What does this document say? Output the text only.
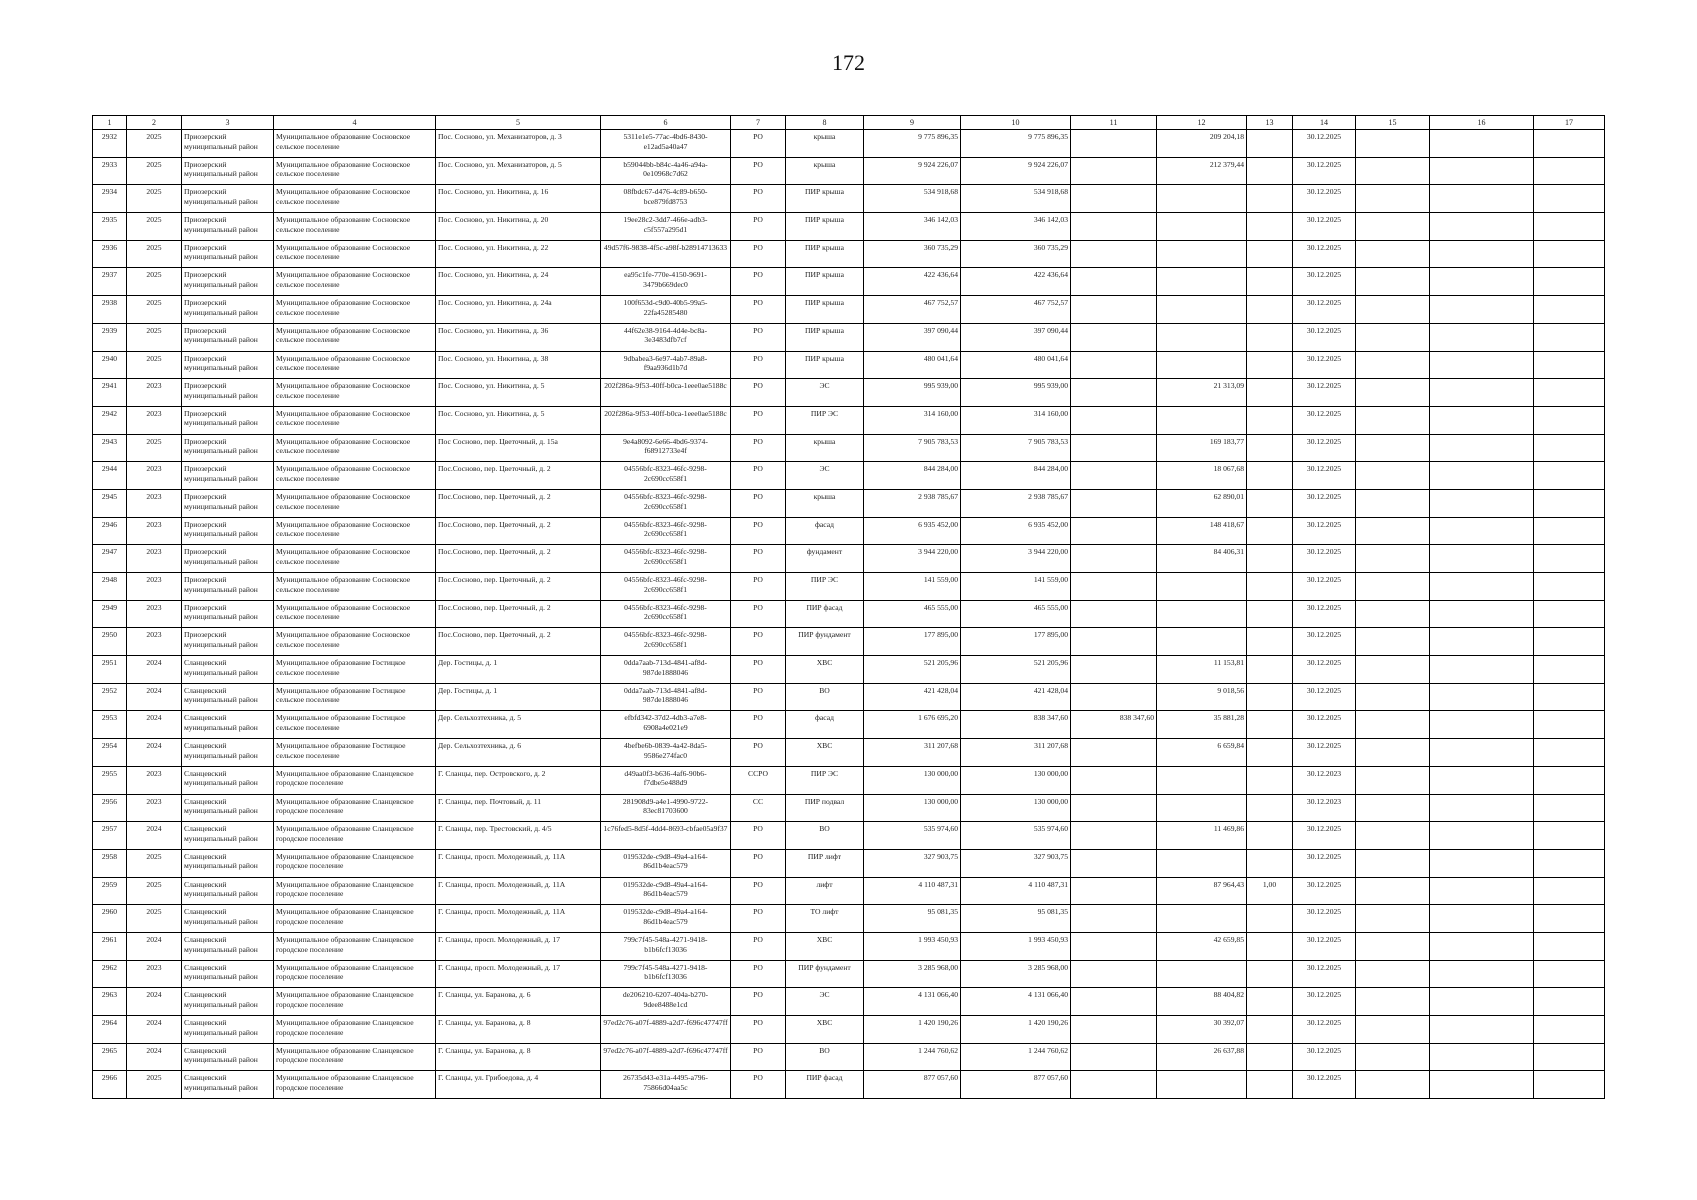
172
1	2	3	4	5	6	7	8	9	10	11	12	13	14	15	16	17
2932	2025	Приозерский муниципальный район	Муниципальное образование Сосновское сельское поселение	Пос. Сосново, ул. Механизаторов, д. 3	5311e1e5-77ac-4bd6-8430-e12ad5a40a47	РО	крыша	9 775 896,35	9 775 896,35		209 204,18		30.12.2025			
2933	2025	Приозерский муниципальный район	Муниципальное образование Сосновское сельское поселение	Пос. Сосново, ул. Механизаторов, д. 5	b59044bb-b84c-4a46-a94a-0e10968c7d62	РО	крыша	9 924 226,07	9 924 226,07		212 379,44		30.12.2025			
2934	2025	Приозерский муниципальный район	Муниципальное образование Сосновское сельское поселение	Пос. Сосново, ул. Никитина, д. 16	08fbdc67-d476-4c89-b650-bce879fd8753	РО	ПИР крыша	534 918,68	534 918,68				30.12.2025			
2935	2025	Приозерский муниципальный район	Муниципальное образование Сосновское сельское поселение	Пос. Сосново, ул. Никитина, д. 20	19ee28c2-3dd7-466e-adb3-c5f557a295d1	РО	ПИР крыша	346 142,03	346 142,03				30.12.2025			
2936	2025	Приозерский муниципальный район	Муниципальное образование Сосновское сельское поселение	Пос. Сосново, ул. Никитина, д. 22	49d57f6-9838-4f5c-a98f-b28914713633	РО	ПИР крыша	360 735,29	360 735,29				30.12.2025			
2937	2025	Приозерский муниципальный район	Муниципальное образование Сосновское сельское поселение	Пос. Сосново, ул. Никитина, д. 24	ea95c1fe-770e-4150-9691-3479b669dec0	РО	ПИР крыша	422 436,64	422 436,64				30.12.2025			
2938	2025	Приозерский муниципальный район	Муниципальное образование Сосновское сельское поселение	Пос. Сосново, ул. Никитина, д. 24а	100f653d-c9d0-40b5-99a5-22fa45285480	РО	ПИР крыша	467 752,57	467 752,57				30.12.2025			
2939	2025	Приозерский муниципальный район	Муниципальное образование Сосновское сельское поселение	Пос. Сосново, ул. Никитина, д. 36	44f62e38-9164-4d4e-bc8a-3e3483dfb7cf	РО	ПИР крыша	397 090,44	397 090,44				30.12.2025			
2940	2025	Приозерский муниципальный район	Муниципальное образование Сосновское сельское поселение	Пос. Сосново, ул. Никитина, д. 38	9dbabea3-6e97-4ab7-89a8-f9aa936d1b7d	РО	ПИР крыша	480 041,64	480 041,64				30.12.2025			
2941	2023	Приозерский муниципальный район	Муниципальное образование Сосновское сельское поселение	Пос. Сосново, ул. Никитина, д. 5	202f286a-9f53-40ff-b0ca-1eee0ae5188c	РО	ЭС	995 939,00	995 939,00		21 313,09		30.12.2025			
2942	2023	Приозерский муниципальный район	Муниципальное образование Сосновское сельское поселение	Пос. Сосново, ул. Никитина, д. 5	202f286a-9f53-40ff-b0ca-1eee0ae5188c	РО	ПИР ЭС	314 160,00	314 160,00				30.12.2025			
2943	2025	Приозерский муниципальный район	Муниципальное образование Сосновское сельское поселение	Пос Сосново, пер. Цветочный, д. 15а	9e4a8092-6e66-4bd6-9374-f68912733e4f	РО	крыша	7 905 783,53	7 905 783,53		169 183,77		30.12.2025			
2944	2023	Приозерский муниципальный район	Муниципальное образование Сосновское сельское поселение	Пос.Сосново, пер. Цветочный, д. 2	04556bfc-8323-46fc-9298-2c690cc658f1	РО	ЭС	844 284,00	844 284,00		18 067,68		30.12.2025			
2945	2023	Приозерский муниципальный район	Муниципальное образование Сосновское сельское поселение	Пос.Сосново, пер. Цветочный, д. 2	04556bfc-8323-46fc-9298-2c690cc658f1	РО	крыша	2 938 785,67	2 938 785,67		62 890,01		30.12.2025			
2946	2023	Приозерский муниципальный район	Муниципальное образование Сосновское сельское поселение	Пос.Сосново, пер. Цветочный, д. 2	04556bfc-8323-46fc-9298-2c690cc658f1	РО	фасад	6 935 452,00	6 935 452,00		148 418,67		30.12.2025			
2947	2023	Приозерский муниципальный район	Муниципальное образование Сосновское сельское поселение	Пос.Сосново, пер. Цветочный, д. 2	04556bfc-8323-46fc-9298-2c690cc658f1	РО	фундамент	3 944 220,00	3 944 220,00		84 406,31		30.12.2025			
2948	2023	Приозерский муниципальный район	Муниципальное образование Сосновское сельское поселение	Пос.Сосново, пер. Цветочный, д. 2	04556bfc-8323-46fc-9298-2c690cc658f1	РО	ПИР ЭС	141 559,00	141 559,00				30.12.2025			
2949	2023	Приозерский муниципальный район	Муниципальное образование Сосновское сельское поселение	Пос.Сосново, пер. Цветочный, д. 2	04556bfc-8323-46fc-9298-2c690cc658f1	РО	ПИР фасад	465 555,00	465 555,00				30.12.2025			
2950	2023	Приозерский муниципальный район	Муниципальное образование Сосновское сельское поселение	Пос.Сосново, пер. Цветочный, д. 2	04556bfc-8323-46fc-9298-2c690cc658f1	РО	ПИР фундамент	177 895,00	177 895,00				30.12.2025			
2951	2024	Сланцевский муниципальный район	Муниципальное образование Гостицкое сельское поселение	Дер. Гостицы, д. 1	0dda7aab-713d-4841-af8d-987de1888046	РО	ХВС	521 205,96	521 205,96		11 153,81		30.12.2025			
2952	2024	Сланцевский муниципальный район	Муниципальное образование Гостицкое сельское поселение	Дер. Гостицы, д. 1	0dda7aab-713d-4841-af8d-987de1888046	РО	ВО	421 428,04	421 428,04		9 018,56		30.12.2025			
2953	2024	Сланцевский муниципальный район	Муниципальное образование Гостицкое сельское поселение	Дер. Сельхозтехника, д. 5	efbfd342-37d2-4db3-a7e8-6908a4e021e9	РО	фасад	1 676 695,20	838 347,60	838 347,60	35 881,28		30.12.2025			
2954	2024	Сланцевский муниципальный район	Муниципальное образование Гостицкое сельское поселение	Дер. Сельхозтехника, д. 6	4befbe6b-0839-4a42-8da5-9586e274fac0	РО	ХВС	311 207,68	311 207,68		6 659,84		30.12.2025			
2955	2023	Сланцевский муниципальный район	Муниципальное образование Сланцевское городское поселение	Г. Сланцы, пер. Островского, д. 2	d49aa0f3-b636-4af6-90b6-f7dbe5e488d9	ССРО	ПИР ЭС	130 000,00	130 000,00				30.12.2023			
2956	2023	Сланцевский муниципальный район	Муниципальное образование Сланцевское городское поселение	Г. Сланцы, пер. Почтовый, д. 11	281908d9-a4e1-4990-9722-83ec81703600	СС	ПИР подвал	130 000,00	130 000,00				30.12.2023			
2957	2024	Сланцевский муниципальный район	Муниципальное образование Сланцевское городское поселение	Г. Сланцы, пер. Трестовский, д. 4/5	1c76fed5-8d5f-4dd4-8693-cbfae05a9f37	РО	ВО	535 974,60	535 974,60		11 469,86		30.12.2025			
2958	2025	Сланцевский муниципальный район	Муниципальное образование Сланцевское городское поселение	Г. Сланцы, просп. Молодежный, д. 11А	019532de-c9d8-49a4-a164-86d1b4eac579	РО	ПИР лифт	327 903,75	327 903,75				30.12.2025			
2959	2025	Сланцевский муниципальный район	Муниципальное образование Сланцевское городское поселение	Г. Сланцы, просп. Молодежный, д. 11А	019532de-c9d8-49a4-a164-86d1b4eac579	РО	лифт	4 110 487,31	4 110 487,31		87 964,43	1,00	30.12.2025			
2960	2025	Сланцевский муниципальный район	Муниципальное образование Сланцевское городское поселение	Г. Сланцы, просп. Молодежный, д. 11А	019532de-c9d8-49a4-a164-86d1b4eac579	РО	ТО лифт	95 081,35	95 081,35				30.12.2025			
2961	2024	Сланцевский муниципальный район	Муниципальное образование Сланцевское городское поселение	Г. Сланцы, просп. Молодежный, д. 17	799c7f45-548a-4271-9418-b1b6fcf13036	РО	ХВС	1 993 450,93	1 993 450,93		42 659,85		30.12.2025			
2962	2023	Сланцевский муниципальный район	Муниципальное образование Сланцевское городское поселение	Г. Сланцы, просп. Молодежный, д. 17	799c7f45-548a-4271-9418-b1b6fcf13036	РО	ПИР фундамент	3 285 968,00	3 285 968,00				30.12.2025			
2963	2024	Сланцевский муниципальный район	Муниципальное образование Сланцевское городское поселение	Г. Сланцы, ул. Баранова, д. 6	de206210-6207-404a-b270-9dee8488e1cd	РО	ЭС	4 131 066,40	4 131 066,40		88 404,82		30.12.2025			
2964	2024	Сланцевский муниципальный район	Муниципальное образование Сланцевское городское поселение	Г. Сланцы, ул. Баранова, д. 8	97ed2c76-a07f-4889-a2d7-f696c47747ff	РО	ХВС	1 420 190,26	1 420 190,26		30 392,07		30.12.2025			
2965	2024	Сланцевский муниципальный район	Муниципальное образование Сланцевское городское поселение	Г. Сланцы, ул. Баранова, д. 8	97ed2c76-a07f-4889-a2d7-f696c47747ff	РО	ВО	1 244 760,62	1 244 760,62		26 637,88		30.12.2025			
2966	2025	Сланцевский муниципальный район	Муниципальное образование Сланцевское городское поселение	Г. Сланцы, ул. Грибоедова, д. 4	26735d43-e31a-4495-a796-75866d04aa5c	РО	ПИР фасад	877 057,60	877 057,60				30.12.2025			
